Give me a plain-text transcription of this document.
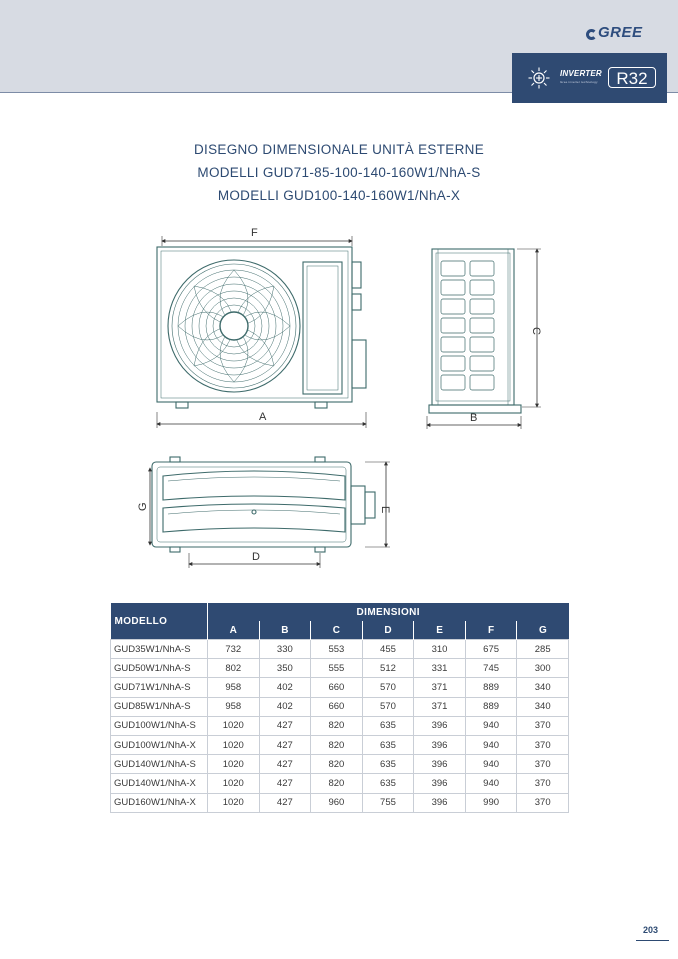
GREE
INVERTER
Gree inverter technology	R32
DISEGNO DIMENSIONALE UNITÀ ESTERNE
MODELLI GUD71-85-100-140-160W1/NhA-S
MODELLI GUD100-140-160W1/NhA-X
F
A
C
B
G	E
D
MODELLO	DIMENSIONI						
	A	B	C	D	E	F	G
GUD35W1/NhA-S	732	330	553	455	310	675	285
GUD50W1/NhA-S	802	350	555	512	331	745	300
GUD71W1/NhA-S	958	402	660	570	371	889	340
GUD85W1/NhA-S	958	402	660	570	371	889	340
GUD100W1/NhA-S	1020	427	820	635	396	940	370
GUD100W1/NhA-X	1020	427	820	635	396	940	370
GUD140W1/NhA-S	1020	427	820	635	396	940	370
GUD140W1/NhA-X	1020	427	820	635	396	940	370
GUD160W1/NhA-X	1020	427	960	755	396	990	370
203
